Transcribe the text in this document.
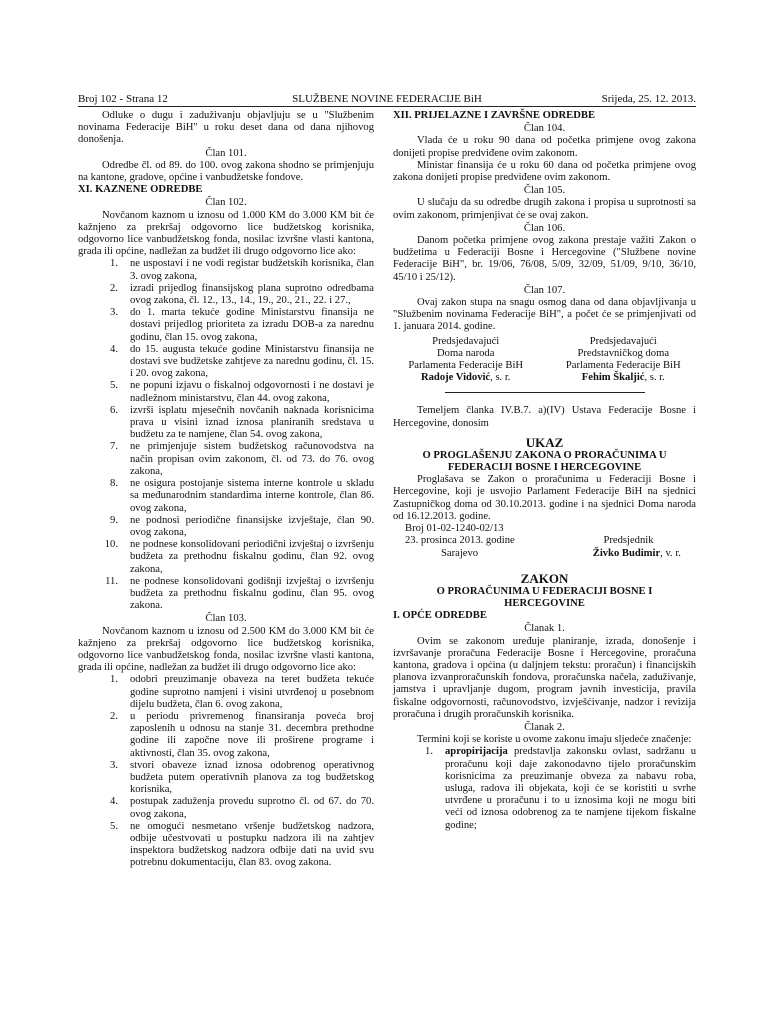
Broj 102 - Strana 12	SLUŽBENE NOVINE FEDERACIJE BiH	Srijeda, 25. 12. 2013.

Odluke o dugu i zaduživanju objavljuju se u "Službenim novinama Federacije BiH" u roku deset dana od dana njihovog donošenja.

Član 101.

Odredbe čl. od 89. do 100. ovog zakona shodno se primjenjuju na kantone, gradove, općine i vanbudžetske fondove.

XI. KAZNENE ODREDBE

Član 102.

Novčanom kaznom u iznosu od 1.000 KM do 3.000 KM bit će kažnjeno za prekršaj odgovorno lice budžetskog korisnika, odgovorno lice vanbudžetskog fonda, nosilac izvršne vlasti kantona, grada ili općine, nadležan za budžet ili drugo odgovorno lice ako:

1. ne uspostavi i ne vodi registar budžetskih korisnika, član 3. ovog zakona,
2. izradi prijedlog finansijskog plana suprotno odredbama ovog zakona, čl. 12., 13., 14., 19., 20., 21., 22. i 27.,
3. do 1. marta tekuće godine Ministarstvu finansija ne dostavi prijedlog prioriteta za izradu DOB-a za narednu godinu, član 15. ovog zakona,
4. do 15. augusta tekuće godine Ministarstvu finansija ne dostavi sve budžetske zahtjeve za narednu godinu, čl. 15. i 20. ovog zakona,
5. ne popuni izjavu o fiskalnoj odgovornosti i ne dostavi je nadležnom ministarstvu, član 44. ovog zakona,
6. izvrši isplatu mjesečnih novčanih naknada korisnicima prava u visini iznad iznosa planiranih sredstava u budžetu za te namjene, član 54. ovog zakona,
7. ne primjenjuje sistem budžetskog računovodstva na način propisan ovim zakonom, čl. od 73. do 76. ovog zakona,
8. ne osigura postojanje sistema interne kontrole u skladu sa međunarodnim standardima interne kontrole, član 86. ovog zakona,
9. ne podnosi periodične finansijske izvještaje, član 90. ovog zakona,
10. ne podnese konsolidovani periodični izvještaj o izvršenju budžeta za prethodnu fiskalnu godinu, član 92. ovog zakona,
11. ne podnese konsolidovani godišnji izvještaj o izvršenju budžeta za prethodnu fiskalnu godinu, član 95. ovog zakona.

Član 103.

Novčanom kaznom u iznosu od 2.500 KM do 3.000 KM bit će kažnjeno za prekršaj odgovorno lice budžetskog korisnika, odgovorno lice vanbudžetskog fonda, nosilac izvršne vlasti kantona, grada ili općine, nadležan za budžet ili drugo odgovorno lice ako:

1. odobri preuzimanje obaveza na teret budžeta tekuće godine suprotno namjeni i visini utvrđenoj u posebnom dijelu budžeta, član 6. ovog zakona,
2. u periodu privremenog finansiranja poveća broj zaposlenih u odnosu na stanje 31. decembra prethodne godine ili započne nove ili proširene programe i aktivnosti, član 35. ovog zakona,
3. stvori obaveze iznad iznosa odobrenog operativnog budžeta putem operativnih planova za tog budžetskog korisnika,
4. postupak zaduženja provedu suprotno čl. od 67. do 70. ovog zakona,
5. ne omogući nesmetano vršenje budžetskog nadzora, odbije učestvovati u postupku nadzora ili na zahtjev inspektora budžetskog nadzora odbije dati na uvid svu potrebnu dokumentaciju, član 83. ovog zakona.

XII. PRIJELAZNE I ZAVRŠNE ODREDBE

Član 104.

Vlada će u roku 90 dana od početka primjene ovog zakona donijeti propise predviđene ovim zakonom.

Ministar finansija će u roku 60 dana od početka primjene ovog zakona donijeti propise predviđene ovim zakonom.

Član 105.

U slučaju da su odredbe drugih zakona i propisa u suprotnosti sa ovim zakonom, primjenjivat će se ovaj zakon.

Član 106.

Danom početka primjene ovog zakona prestaje važiti Zakon o budžetima u Federaciji Bosne i Hercegovine ("Službene novine Federacije BiH", br. 19/06, 76/08, 5/09, 32/09, 51/09, 9/10, 36/10, 45/10 i 25/12).

Član 107.

Ovaj zakon stupa na snagu osmog dana od dana objavljivanja u "Službenim novinama Federacije BiH", a počet će se primjenjivati od 1. januara 2014. godine.

Predsjedavajući
Doma naroda
Parlamenta Federacije BiH
Radoje Vidović, s. r.
Predsjedavajući
Predstavničkog doma
Parlamenta Federacije BiH
Fehim Škaljić, s. r.

Temeljem članka IV.B.7. a)(IV) Ustava Federacije Bosne i Hercegovine, donosim

UKAZ
O PROGLAŠENJU ZAKONA O PRORAČUNIMA U
FEDERACIJI BOSNE I HERCEGOVINE

Proglašava se Zakon o proračunima u Federaciji Bosne i Hercegovine, koji je usvojio Parlament Federacije BiH na sjednici Zastupničkog doma od 30.10.2013. godine i na sjednici Doma naroda od 16.12.2013. godine.

Broj 01-02-1240-02/13
23. prosinca 2013. godine	Predsjednik
Sarajevo	Živko Budimir, v. r.
ZAKON
O PRORAČUNIMA U FEDERACIJI BOSNE I
HERCEGOVINE

I. OPĆE ODREDBE

Članak 1.

Ovim se zakonom uređuje planiranje, izrada, donošenje i izvršavanje proračuna Federacije Bosne i Hercegovine, proračuna kantona, gradova i općina (u daljnjem tekstu: proračun) i financijskih planova izvanproračunskih fondova, proračunska načela, zaduživanje, jamstva i upravljanje dugom, program javnih investicija, pravila fiskalne odgovornosti, računovodstvo, izvješćivanje, nadzor i revizija proračuna i drugih proračunskih korisnika.

Članak 2.

Termini koji se koriste u ovome zakonu imaju sljedeće značenje:

1. apropirijacija predstavlja zakonsku ovlast, sadržanu u proračunu koji daje zakonodavno tijelo proračunskim korisnicima za preuzimanje obveza za nabavu roba, usluga, radova ili objekata, koji će se koristiti u svrhe utvrđene u proračunu i to u iznosima koji ne mogu biti veći od iznosa odobrenog za te namjene tijekom fiskalne godine;
